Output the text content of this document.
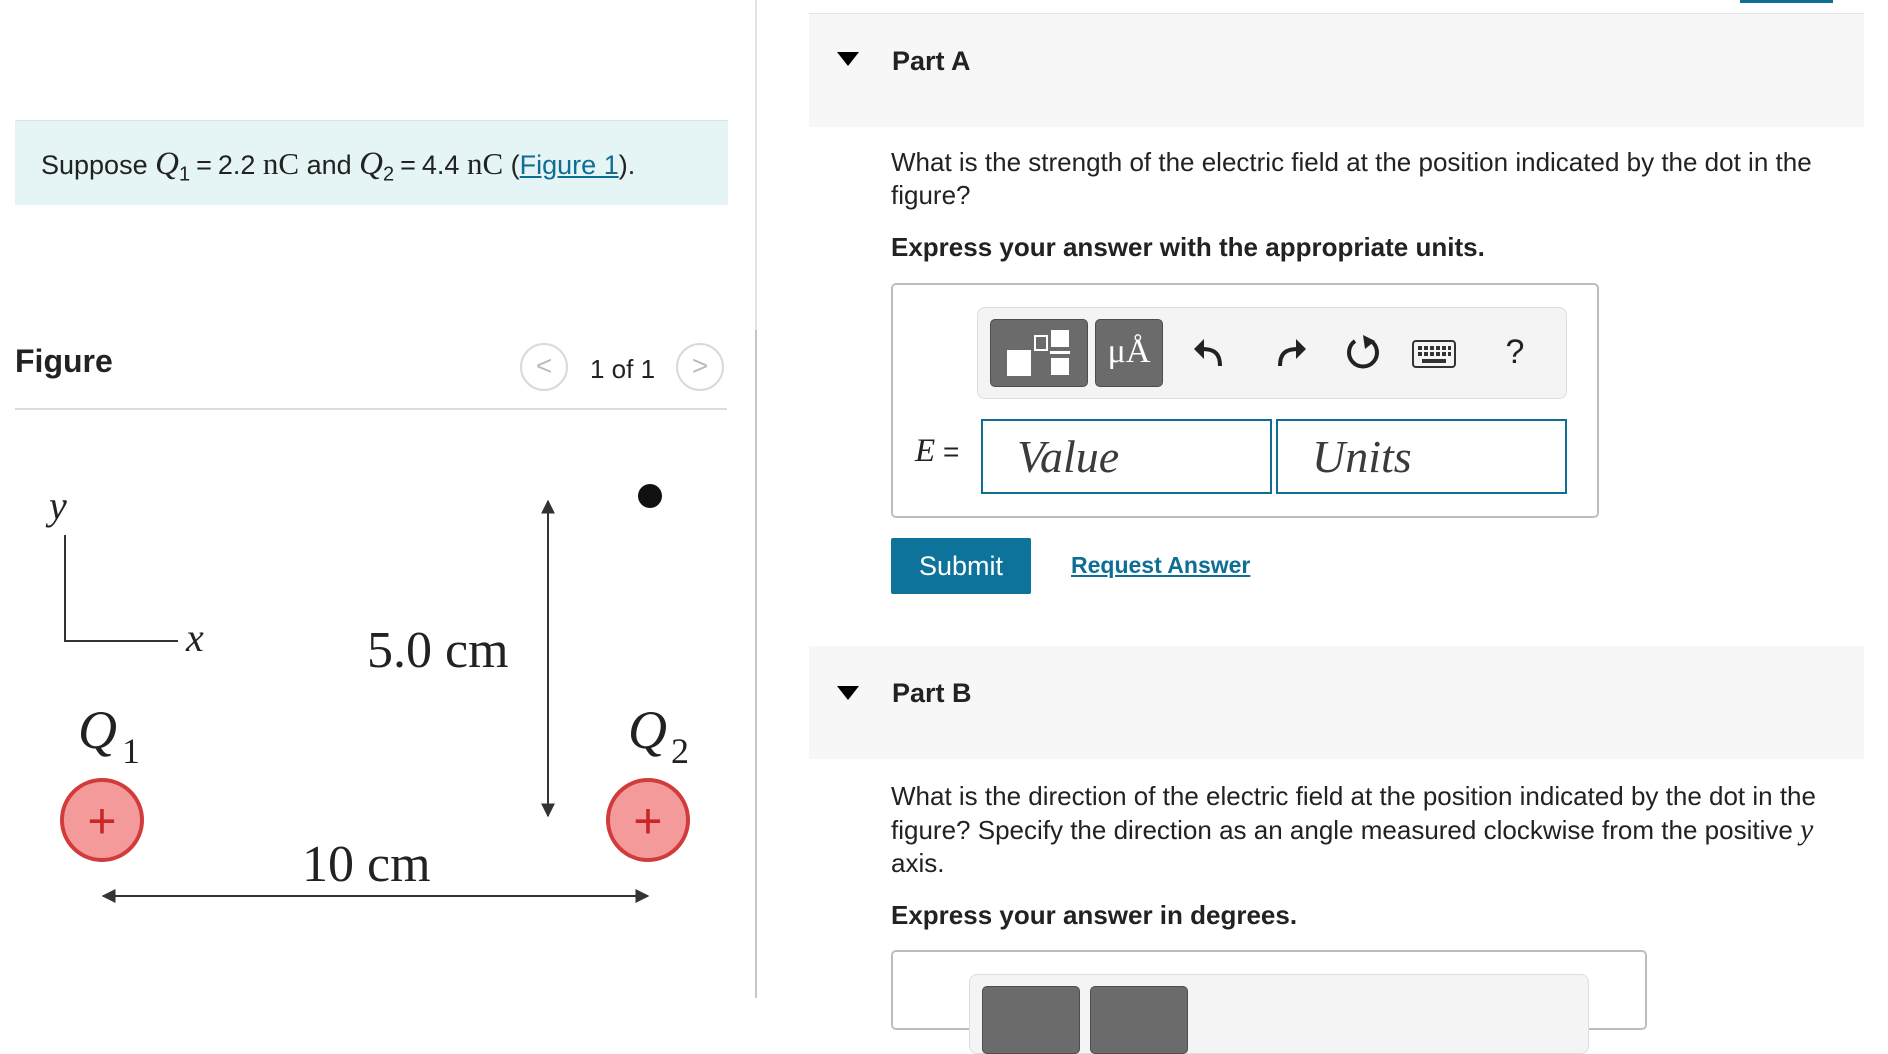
Suppose $Q_1 = 2.2$ nC and $Q_2 = 4.4$ nC (Figure 1).
Figure	<	1 of 1	>
y
x	5.0 cm
Q 1
+
Q 2
+
10 cm
Part A
What is the strength of the electric field at the position indicated by the dot in the figure?
Express your answer with the appropriate units.
μÅ	?
E =
Value
Units
Submit	Request Answer
Part B
What is the direction of the electric field at the position indicated by the dot in the figure? Specify the direction as an angle measured clockwise from the positive y axis.
Express your answer in degrees.
